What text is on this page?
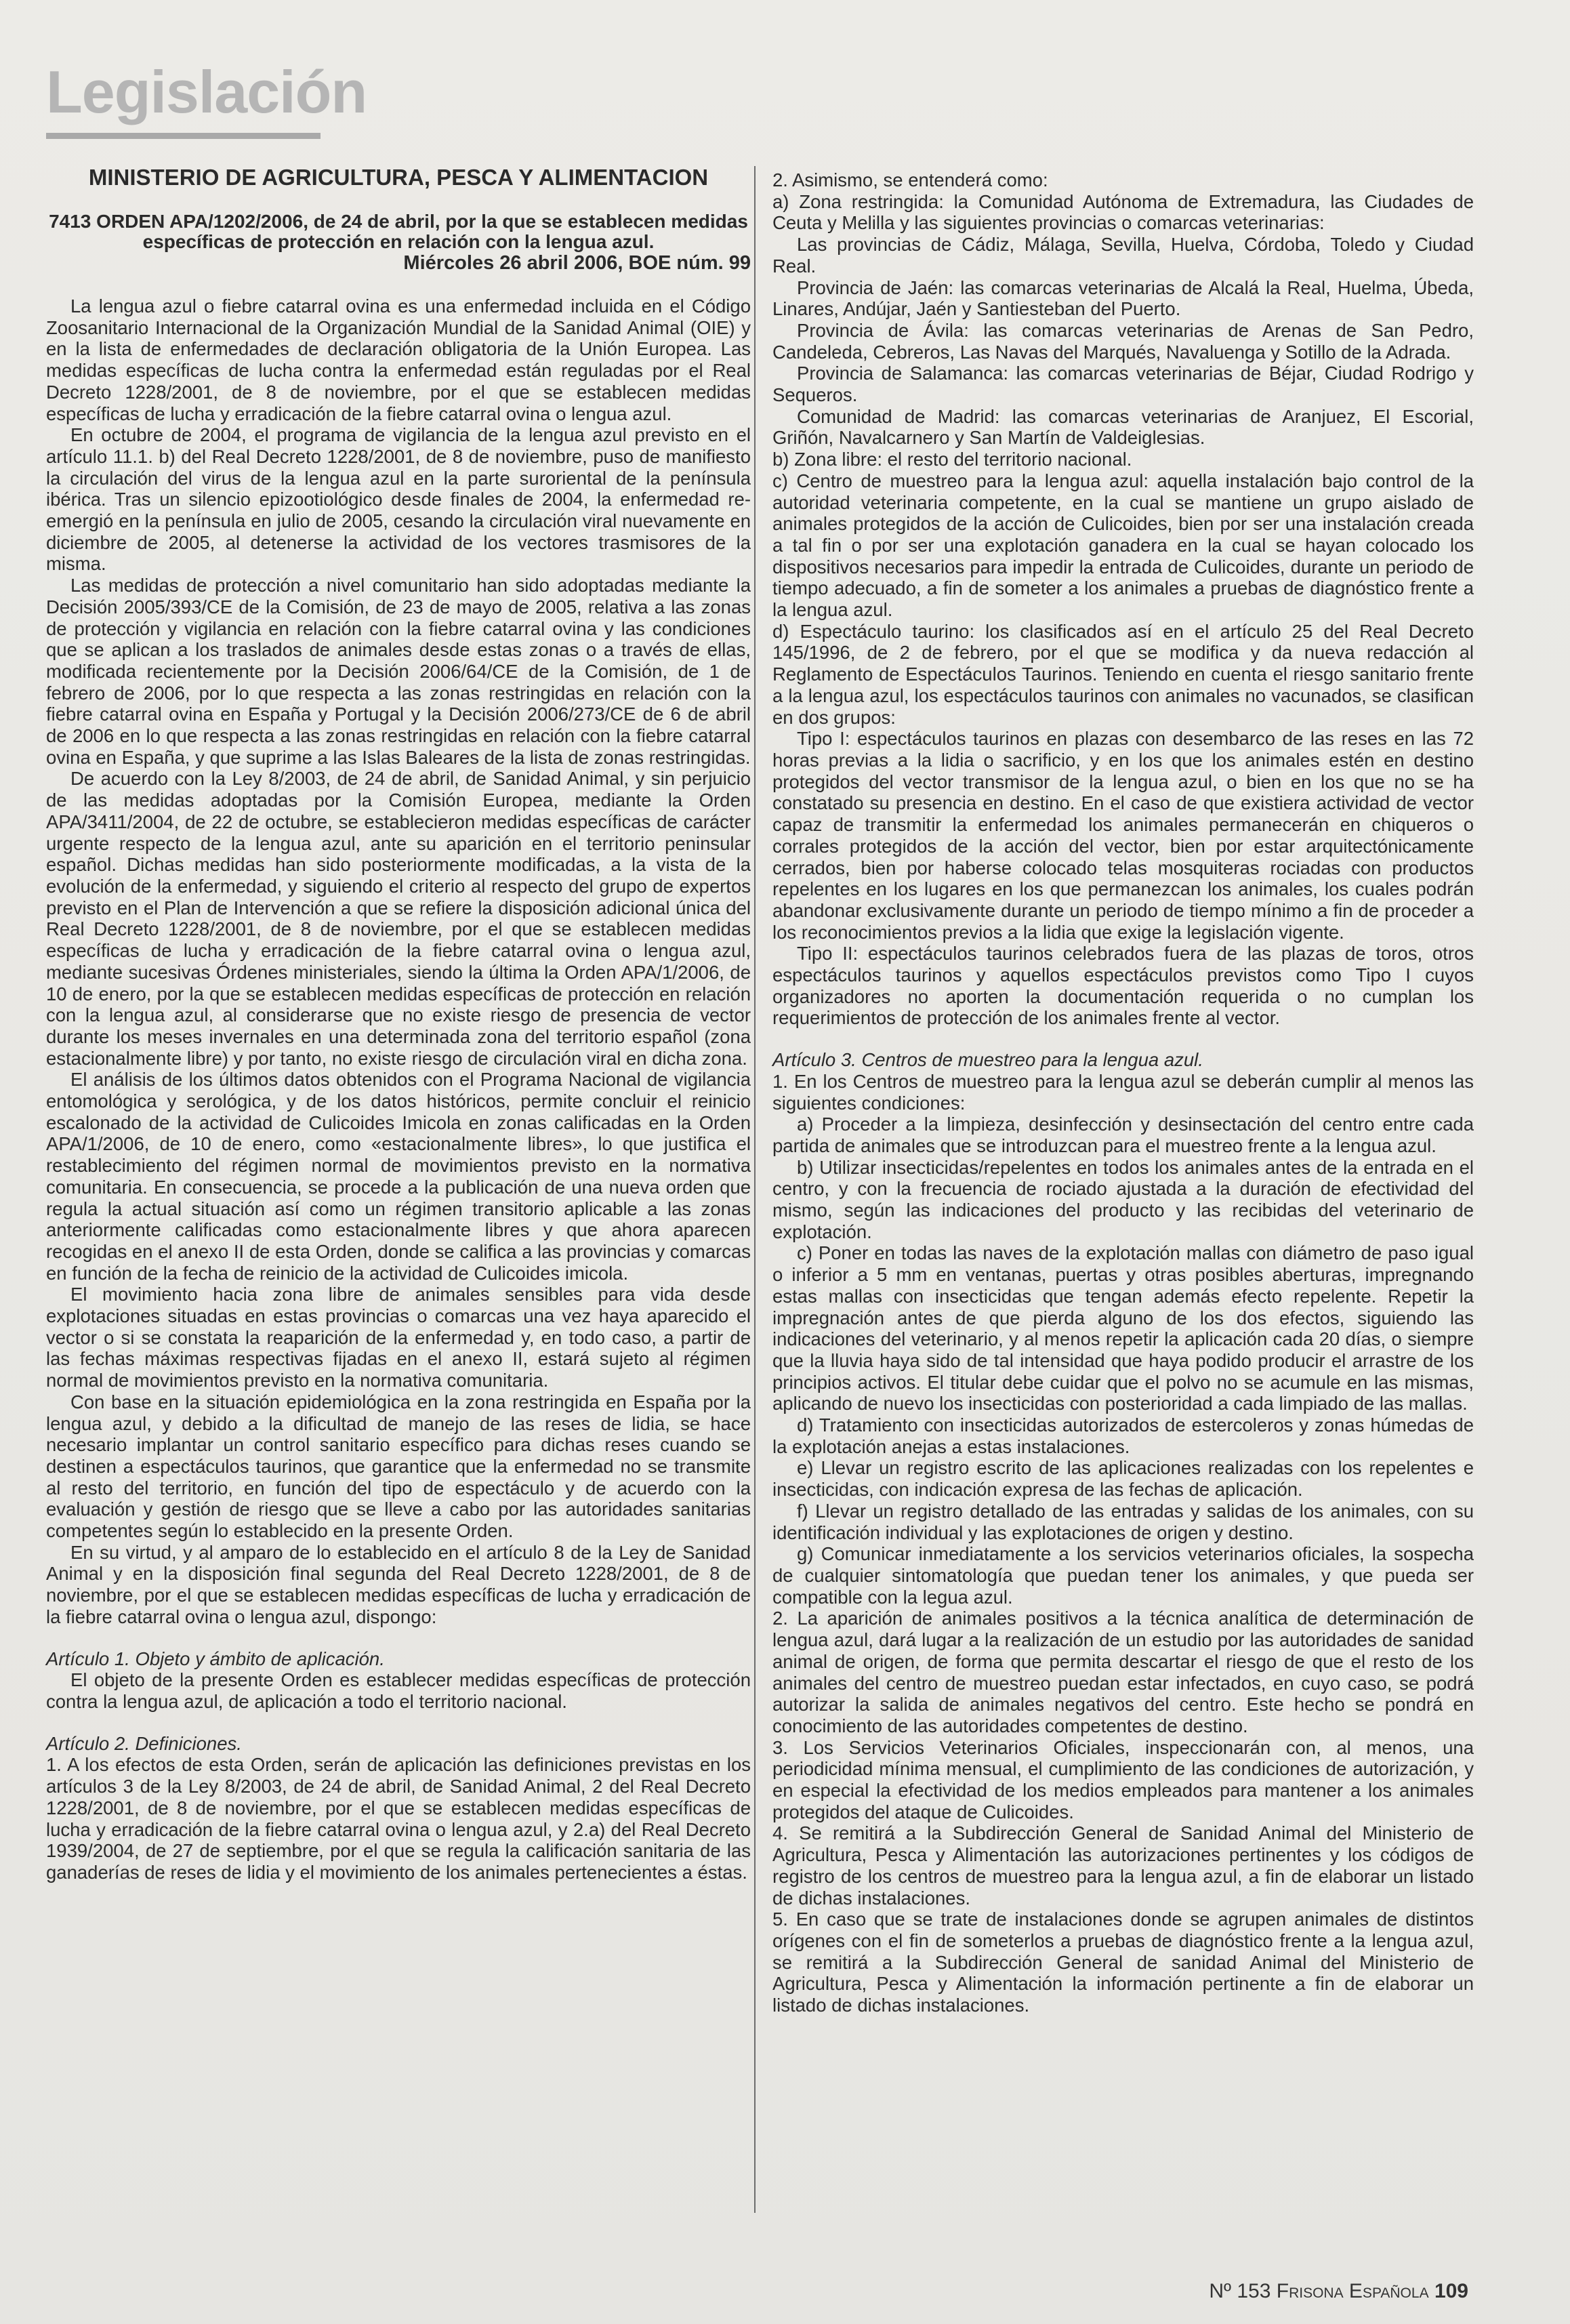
Legislación
MINISTERIO DE AGRICULTURA, PESCA Y ALIMENTACION
7413 ORDEN APA/1202/2006, de 24 de abril, por la que se establecen medidas específicas de protección en relación con la lengua azul.
Miércoles 26 abril 2006, BOE núm. 99
La lengua azul o fiebre catarral ovina es una enfermedad incluida en el Código Zoosanitario Internacional de la Organización Mundial de la Sanidad Animal (OIE) y en la lista de enfermedades de declaración obligatoria de la Unión Europea. Las medidas específicas de lucha contra la enfermedad están reguladas por el Real Decreto 1228/2001, de 8 de noviembre, por el que se establecen medidas específicas de lucha y erradicación de la fiebre catarral ovina o lengua azul.
En octubre de 2004, el programa de vigilancia de la lengua azul previsto en el artículo 11.1. b) del Real Decreto 1228/2001, de 8 de noviembre, puso de manifiesto la circulación del virus de la lengua azul en la parte suroriental de la península ibérica. Tras un silencio epizootiológico desde finales de 2004, la enfermedad re-emergió en la península en julio de 2005, cesando la circulación viral nuevamente en diciembre de 2005, al detenerse la actividad de los vectores trasmisores de la misma.
Las medidas de protección a nivel comunitario han sido adoptadas mediante la Decisión 2005/393/CE de la Comisión, de 23 de mayo de 2005, relativa a las zonas de protección y vigilancia en relación con la fiebre catarral ovina y las condiciones que se aplican a los traslados de animales desde estas zonas o a través de ellas, modificada recientemente por la Decisión 2006/64/CE de la Comisión, de 1 de febrero de 2006, por lo que respecta a las zonas restringidas en relación con la fiebre catarral ovina en España y Portugal y la Decisión 2006/273/CE de 6 de abril de 2006 en lo que respecta a las zonas restringidas en relación con la fiebre catarral ovina en España, y que suprime a las Islas Baleares de la lista de zonas restringidas.
De acuerdo con la Ley 8/2003, de 24 de abril, de Sanidad Animal, y sin perjuicio de las medidas adoptadas por la Comisión Europea, mediante la Orden APA/3411/2004, de 22 de octubre, se establecieron medidas específicas de carácter urgente respecto de la lengua azul, ante su aparición en el territorio peninsular español. Dichas medidas han sido posteriormente modificadas, a la vista de la evolución de la enfermedad, y siguiendo el criterio al respecto del grupo de expertos previsto en el Plan de Intervención a que se refiere la disposición adicional única del Real Decreto 1228/2001, de 8 de noviembre, por el que se establecen medidas específicas de lucha y erradicación de la fiebre catarral ovina o lengua azul, mediante sucesivas Órdenes ministeriales, siendo la última la Orden APA/1/2006, de 10 de enero, por la que se establecen medidas específicas de protección en relación con la lengua azul, al considerarse que no existe riesgo de presencia de vector durante los meses invernales en una determinada zona del territorio español (zona estacionalmente libre) y por tanto, no existe riesgo de circulación viral en dicha zona.
El análisis de los últimos datos obtenidos con el Programa Nacional de vigilancia entomológica y serológica, y de los datos históricos, permite concluir el reinicio escalonado de la actividad de Culicoides Imicola en zonas calificadas en la Orden APA/1/2006, de 10 de enero, como «estacionalmente libres», lo que justifica el restablecimiento del régimen normal de movimientos previsto en la normativa comunitaria. En consecuencia, se procede a la publicación de una nueva orden que regula la actual situación así como un régimen transitorio aplicable a las zonas anteriormente calificadas como estacionalmente libres y que ahora aparecen recogidas en el anexo II de esta Orden, donde se califica a las provincias y comarcas en función de la fecha de reinicio de la actividad de Culicoides imicola.
El movimiento hacia zona libre de animales sensibles para vida desde explotaciones situadas en estas provincias o comarcas una vez haya aparecido el vector o si se constata la reaparición de la enfermedad y, en todo caso, a partir de las fechas máximas respectivas fijadas en el anexo II, estará sujeto al régimen normal de movimientos previsto en la normativa comunitaria.
Con base en la situación epidemiológica en la zona restringida en España por la lengua azul, y debido a la dificultad de manejo de las reses de lidia, se hace necesario implantar un control sanitario específico para dichas reses cuando se destinen a espectáculos taurinos, que garantice que la enfermedad no se transmite al resto del territorio, en función del tipo de espectáculo y de acuerdo con la evaluación y gestión de riesgo que se lleve a cabo por las autoridades sanitarias competentes según lo establecido en la presente Orden.
En su virtud, y al amparo de lo establecido en el artículo 8 de la Ley de Sanidad Animal y en la disposición final segunda del Real Decreto 1228/2001, de 8 de noviembre, por el que se establecen medidas específicas de lucha y erradicación de la fiebre catarral ovina o lengua azul, dispongo:
Artículo 1. Objeto y ámbito de aplicación.
El objeto de la presente Orden es establecer medidas específicas de protección contra la lengua azul, de aplicación a todo el territorio nacional.
Artículo 2. Definiciones.
1. A los efectos de esta Orden, serán de aplicación las definiciones previstas en los artículos 3 de la Ley 8/2003, de 24 de abril, de Sanidad Animal, 2 del Real Decreto 1228/2001, de 8 de noviembre, por el que se establecen medidas específicas de lucha y erradicación de la fiebre catarral ovina o lengua azul, y 2.a) del Real Decreto 1939/2004, de 27 de septiembre, por el que se regula la calificación sanitaria de las ganaderías de reses de lidia y el movimiento de los animales pertenecientes a éstas.
2. Asimismo, se entenderá como:
a) Zona restringida: la Comunidad Autónoma de Extremadura, las Ciudades de Ceuta y Melilla y las siguientes provincias o comarcas veterinarias:
Las provincias de Cádiz, Málaga, Sevilla, Huelva, Córdoba, Toledo y Ciudad Real.
Provincia de Jaén: las comarcas veterinarias de Alcalá la Real, Huelma, Úbeda, Linares, Andújar, Jaén y Santiesteban del Puerto.
Provincia de Ávila: las comarcas veterinarias de Arenas de San Pedro, Candeleda, Cebreros, Las Navas del Marqués, Navaluenga y Sotillo de la Adrada.
Provincia de Salamanca: las comarcas veterinarias de Béjar, Ciudad Rodrigo y Sequeros.
Comunidad de Madrid: las comarcas veterinarias de Aranjuez, El Escorial, Griñón, Navalcarnero y San Martín de Valdeiglesias.
b) Zona libre: el resto del territorio nacional.
c) Centro de muestreo para la lengua azul: aquella instalación bajo control de la autoridad veterinaria competente, en la cual se mantiene un grupo aislado de animales protegidos de la acción de Culicoides, bien por ser una instalación creada a tal fin o por ser una explotación ganadera en la cual se hayan colocado los dispositivos necesarios para impedir la entrada de Culicoides, durante un periodo de tiempo adecuado, a fin de someter a los animales a pruebas de diagnóstico frente a la lengua azul.
d) Espectáculo taurino: los clasificados así en el artículo 25 del Real Decreto 145/1996, de 2 de febrero, por el que se modifica y da nueva redacción al Reglamento de Espectáculos Taurinos. Teniendo en cuenta el riesgo sanitario frente a la lengua azul, los espectáculos taurinos con animales no vacunados, se clasifican en dos grupos:
Tipo I: espectáculos taurinos en plazas con desembarco de las reses en las 72 horas previas a la lidia o sacrificio, y en los que los animales estén en destino protegidos del vector transmisor de la lengua azul, o bien en los que no se ha constatado su presencia en destino. En el caso de que existiera actividad de vector capaz de transmitir la enfermedad los animales permanecerán en chiqueros o corrales protegidos de la acción del vector, bien por estar arquitectónicamente cerrados, bien por haberse colocado telas mosquiteras rociadas con productos repelentes en los lugares en los que permanezcan los animales, los cuales podrán abandonar exclusivamente durante un periodo de tiempo mínimo a fin de proceder a los reconocimientos previos a la lidia que exige la legislación vigente.
Tipo II: espectáculos taurinos celebrados fuera de las plazas de toros, otros espectáculos taurinos y aquellos espectáculos previstos como Tipo I cuyos organizadores no aporten la documentación requerida o no cumplan los requerimientos de protección de los animales frente al vector.
Artículo 3. Centros de muestreo para la lengua azul.
1. En los Centros de muestreo para la lengua azul se deberán cumplir al menos las siguientes condiciones:
a) Proceder a la limpieza, desinfección y desinsectación del centro entre cada partida de animales que se introduzcan para el muestreo frente a la lengua azul.
b) Utilizar insecticidas/repelentes en todos los animales antes de la entrada en el centro, y con la frecuencia de rociado ajustada a la duración de efectividad del mismo, según las indicaciones del producto y las recibidas del veterinario de explotación.
c) Poner en todas las naves de la explotación mallas con diámetro de paso igual o inferior a 5 mm en ventanas, puertas y otras posibles aberturas, impregnando estas mallas con insecticidas que tengan además efecto repelente. Repetir la impregnación antes de que pierda alguno de los dos efectos, siguiendo las indicaciones del veterinario, y al menos repetir la aplicación cada 20 días, o siempre que la lluvia haya sido de tal intensidad que haya podido producir el arrastre de los principios activos. El titular debe cuidar que el polvo no se acumule en las mismas, aplicando de nuevo los insecticidas con posterioridad a cada limpiado de las mallas.
d) Tratamiento con insecticidas autorizados de estercoleros y zonas húmedas de la explotación anejas a estas instalaciones.
e) Llevar un registro escrito de las aplicaciones realizadas con los repelentes e insecticidas, con indicación expresa de las fechas de aplicación.
f) Llevar un registro detallado de las entradas y salidas de los animales, con su identificación individual y las explotaciones de origen y destino.
g) Comunicar inmediatamente a los servicios veterinarios oficiales, la sospecha de cualquier sintomatología que puedan tener los animales, y que pueda ser compatible con la legua azul.
2. La aparición de animales positivos a la técnica analítica de determinación de lengua azul, dará lugar a la realización de un estudio por las autoridades de sanidad animal de origen, de forma que permita descartar el riesgo de que el resto de los animales del centro de muestreo puedan estar infectados, en cuyo caso, se podrá autorizar la salida de animales negativos del centro. Este hecho se pondrá en conocimiento de las autoridades competentes de destino.
3. Los Servicios Veterinarios Oficiales, inspeccionarán con, al menos, una periodicidad mínima mensual, el cumplimiento de las condiciones de autorización, y en especial la efectividad de los medios empleados para mantener a los animales protegidos del ataque de Culicoides.
4. Se remitirá a la Subdirección General de Sanidad Animal del Ministerio de Agricultura, Pesca y Alimentación las autorizaciones pertinentes y los códigos de registro de los centros de muestreo para la lengua azul, a fin de elaborar un listado de dichas instalaciones.
5. En caso que se trate de instalaciones donde se agrupen animales de distintos orígenes con el fin de someterlos a pruebas de diagnóstico frente a la lengua azul, se remitirá a la Subdirección General de sanidad Animal del Ministerio de Agricultura, Pesca y Alimentación la información pertinente a fin de elaborar un listado de dichas instalaciones.
Nº 153 Frisona Española 109
